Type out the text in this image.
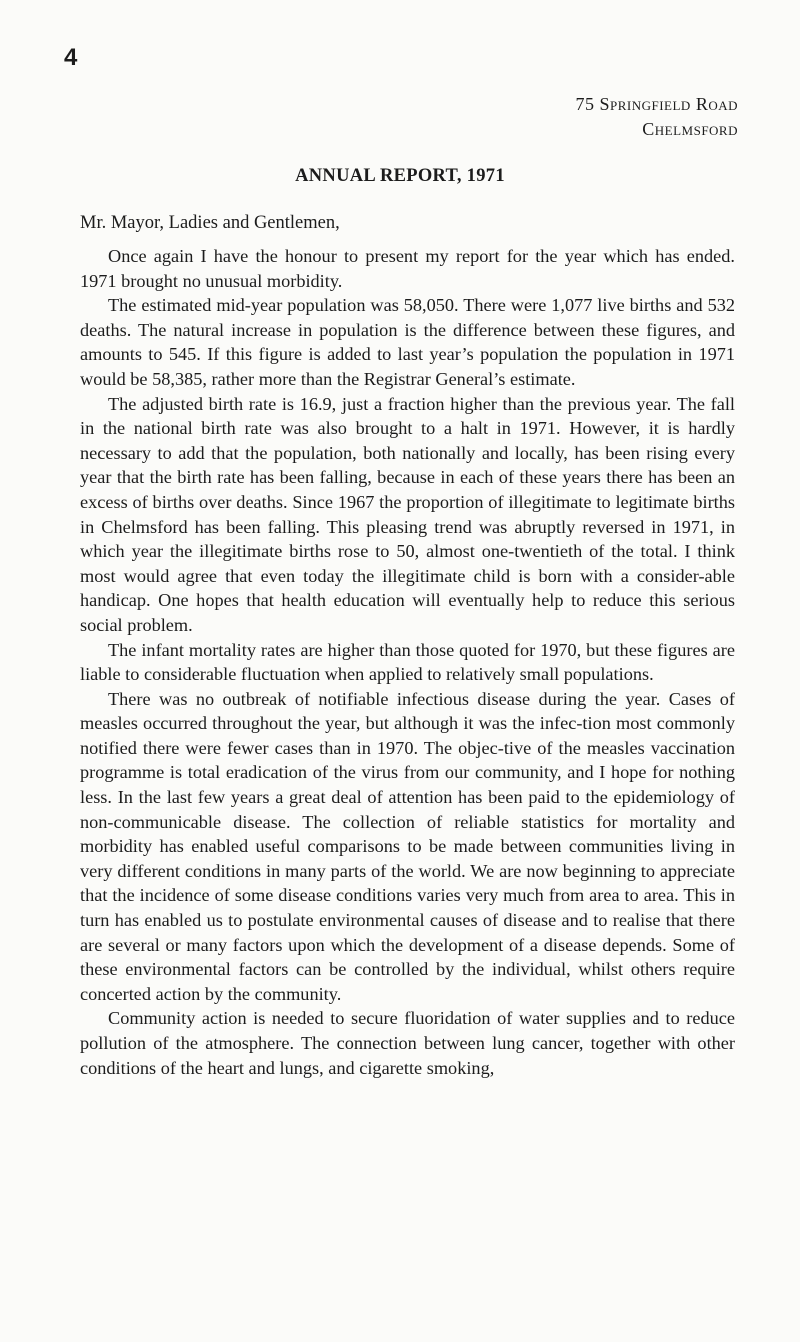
4
75 Springfield Road
Chelmsford
ANNUAL REPORT, 1971
Mr. Mayor, Ladies and Gentlemen,

Once again I have the honour to present my report for the year which has ended. 1971 brought no unusual morbidity.

The estimated mid-year population was 58,050. There were 1,077 live births and 532 deaths. The natural increase in population is the difference between these figures, and amounts to 545. If this figure is added to last year’s population the population in 1971 would be 58,385, rather more than the Registrar General’s estimate.

The adjusted birth rate is 16.9, just a fraction higher than the previous year. The fall in the national birth rate was also brought to a halt in 1971. However, it is hardly necessary to add that the population, both nationally and locally, has been rising every year that the birth rate has been falling, because in each of these years there has been an excess of births over deaths. Since 1967 the proportion of illegitimate to legitimate births in Chelmsford has been falling. This pleasing trend was abruptly reversed in 1971, in which year the illegitimate births rose to 50, almost one-twentieth of the total. I think most would agree that even today the illegitimate child is born with a consider-able handicap. One hopes that health education will eventually help to reduce this serious social problem.

The infant mortality rates are higher than those quoted for 1970, but these figures are liable to considerable fluctuation when applied to relatively small populations.

There was no outbreak of notifiable infectious disease during the year. Cases of measles occurred throughout the year, but although it was the infec-tion most commonly notified there were fewer cases than in 1970. The objec-tive of the measles vaccination programme is total eradication of the virus from our community, and I hope for nothing less. In the last few years a great deal of attention has been paid to the epidemiology of non-communicable disease. The collection of reliable statistics for mortality and morbidity has enabled useful comparisons to be made between communities living in very different conditions in many parts of the world. We are now beginning to appreciate that the incidence of some disease conditions varies very much from area to area. This in turn has enabled us to postulate environmental causes of disease and to realise that there are several or many factors upon which the development of a disease depends. Some of these environmental factors can be controlled by the individual, whilst others require concerted action by the community.

Community action is needed to secure fluoridation of water supplies and to reduce pollution of the atmosphere. The connection between lung cancer, together with other conditions of the heart and lungs, and cigarette smoking,
